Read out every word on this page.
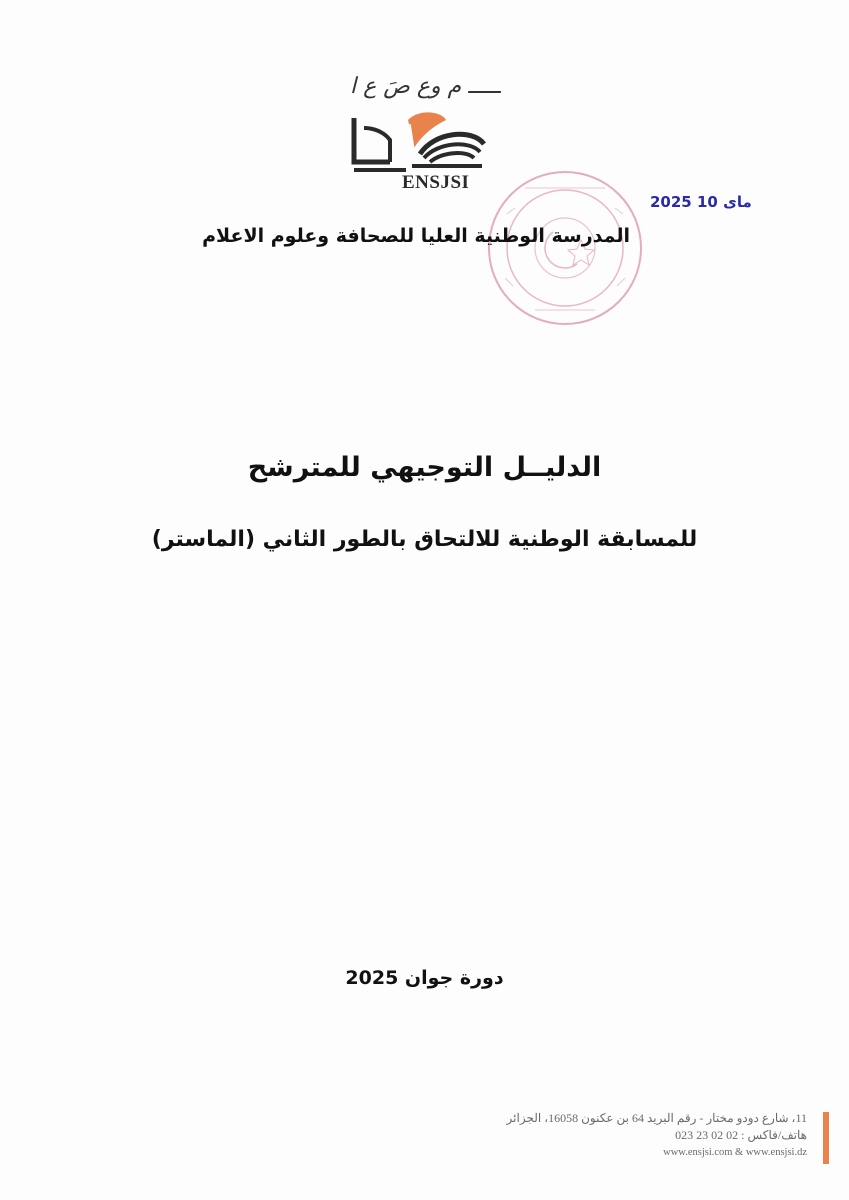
ـــــ م وع صَ ع ا
ENSJSI
2025 ماى 10
المدرسة الوطنية العليا للصحافة وعلوم الاعلام
الدليــل التوجيهي للمترشح
للمسابقة الوطنية للالتحاق بالطور الثاني (الماستر)
دورة جوان 2025
11، شارع دودو مختار - رقم البريد 64 بن عكنون 16058، الجزائر
هاتف/فاكس : 02 02 23 023
www.ensjsi.com & www.ensjsi.dz
